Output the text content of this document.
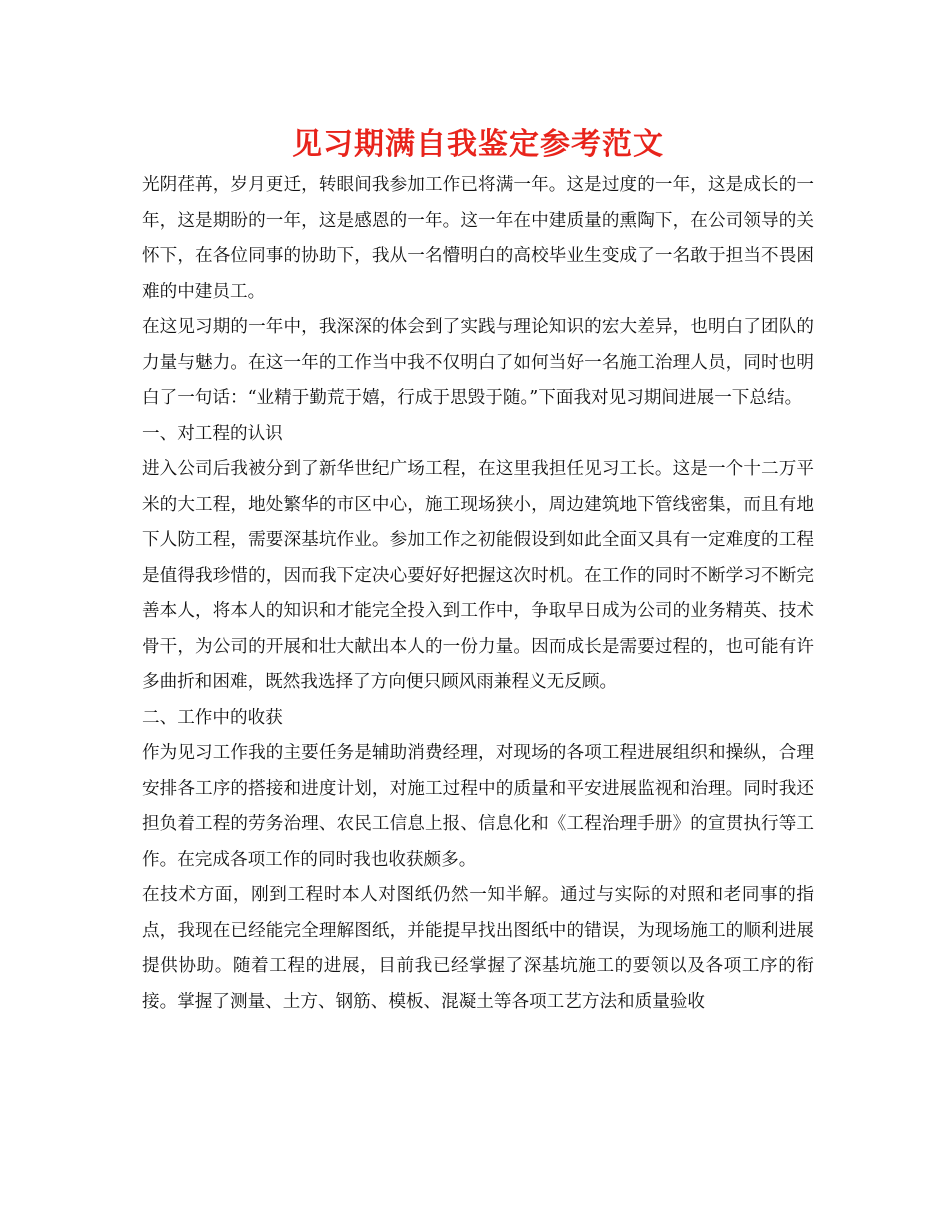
见习期满自我鉴定参考范文

光阴荏苒，岁月更迁，转眼间我参加工作已将满一年。这是过度的一年，这是成长的一年，这是期盼的一年，这是感恩的一年。这一年在中建质量的熏陶下，在公司领导的关怀下，在各位同事的协助下，我从一名懵明白的高校毕业生变成了一名敢于担当不畏困难的中建员工。

在这见习期的一年中，我深深的体会到了实践与理论知识的宏大差异，也明白了团队的力量与魅力。在这一年的工作当中我不仅明白了如何当好一名施工治理人员，同时也明白了一句话：“业精于勤荒于嬉，行成于思毁于随。”下面我对见习期间进展一下总结。

一、对工程的认识

进入公司后我被分到了新华世纪广场工程，在这里我担任见习工长。这是一个十二万平米的大工程，地处繁华的市区中心，施工现场狭小，周边建筑地下管线密集，而且有地下人防工程，需要深基坑作业。参加工作之初能假设到如此全面又具有一定难度的工程是值得我珍惜的，因而我下定决心要好好把握这次时机。在工作的同时不断学习不断完善本人，将本人的知识和才能完全投入到工作中，争取早日成为公司的业务精英、技术骨干，为公司的开展和壮大献出本人的一份力量。因而成长是需要过程的，也可能有许多曲折和困难，既然我选择了方向便只顾风雨兼程义无反顾。

二、工作中的收获

作为见习工作我的主要任务是辅助消费经理，对现场的各项工程进展组织和操纵，合理安排各工序的搭接和进度计划，对施工过程中的质量和平安进展监视和治理。同时我还担负着工程的劳务治理、农民工信息上报、信息化和《工程治理手册》的宣贯执行等工作。在完成各项工作的同时我也收获颇多。

在技术方面，刚到工程时本人对图纸仍然一知半解。通过与实际的对照和老同事的指点，我现在已经能完全理解图纸，并能提早找出图纸中的错误，为现场施工的顺利进展提供协助。随着工程的进展，目前我已经掌握了深基坑施工的要领以及各项工序的衔接。掌握了测量、土方、钢筋、模板、混凝土等各项工艺方法和质量验收
